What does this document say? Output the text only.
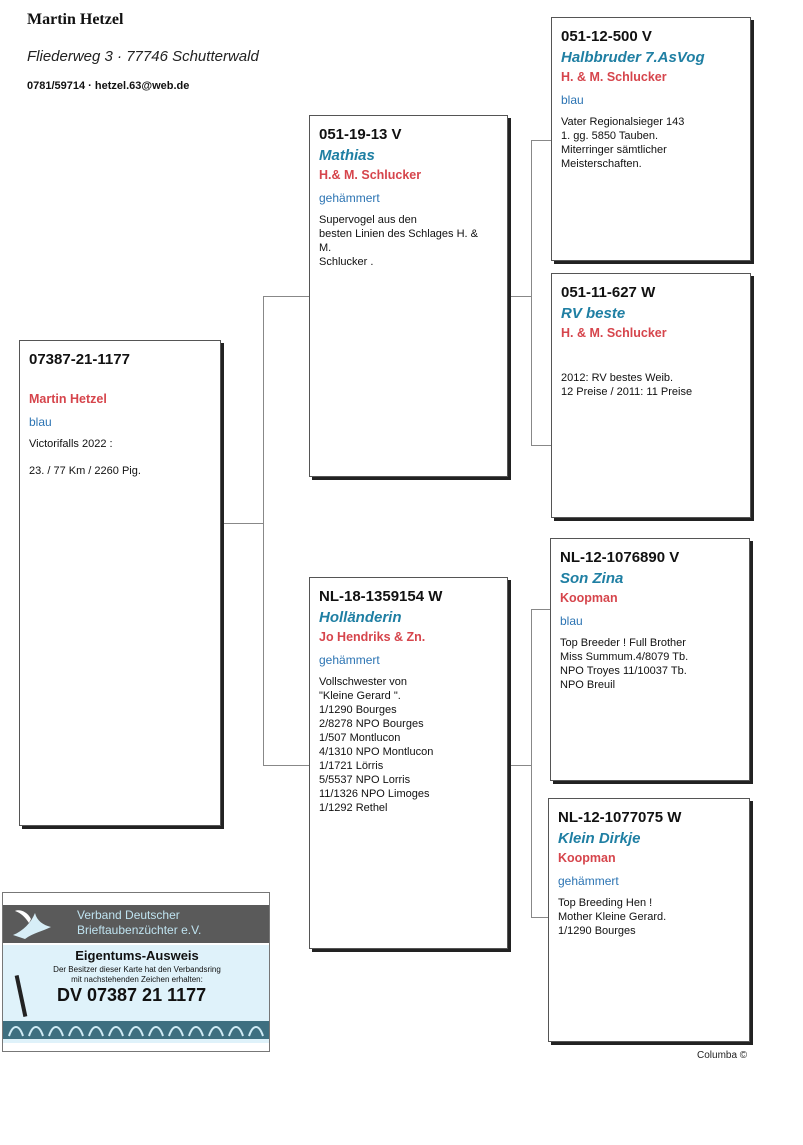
Martin Hetzel
Fliederweg 3 · 77746 Schutterwald
0781/59714 · hetzel.63@web.de
07387-21-1177
Martin Hetzel
blau
Victorifalls 2022 :
23. / 77 Km / 2260 Pig.
051-19-13 V
Mathias
H.& M. Schlucker
gehämmert
Supervogel aus den
besten Linien des Schlages H. &
M.
Schlucker .
NL-18-1359154 W
Holländerin
Jo Hendriks & Zn.
gehämmert
Vollschwester von
"Kleine Gerard ".
1/1290 Bourges
2/8278 NPO Bourges
1/507 Montlucon
4/1310 NPO Montlucon
1/1721 Lörris
5/5537 NPO Lorris
11/1326 NPO Limoges
1/1292 Rethel
051-12-500 V
Halbbruder 7.AsVog
H. & M. Schlucker
blau
Vater Regionalsieger 143
1. gg. 5850 Tauben.
Miterringer sämtlicher
Meisterschaften.
051-11-627 W
RV beste
H. & M. Schlucker
2012: RV bestes Weib.
12 Preise / 2011: 11 Preise
NL-12-1076890 V
Son Zina
Koopman
blau
Top Breeder ! Full Brother
Miss Summum.4/8079 Tb.
NPO Troyes 11/10037 Tb.
NPO Breuil
NL-12-1077075 W
Klein Dirkje
Koopman
gehämmert
Top Breeding Hen !
Mother Kleine Gerard.
1/1290 Bourges
Verband Deutscher
Brieftaubenzüchter e.V.
Eigentums-Ausweis
Der Besitzer dieser Karte hat den Verbandsring
mit nachstehenden Zeichen erhalten:
DV 07387 21 1177
Columba ©
